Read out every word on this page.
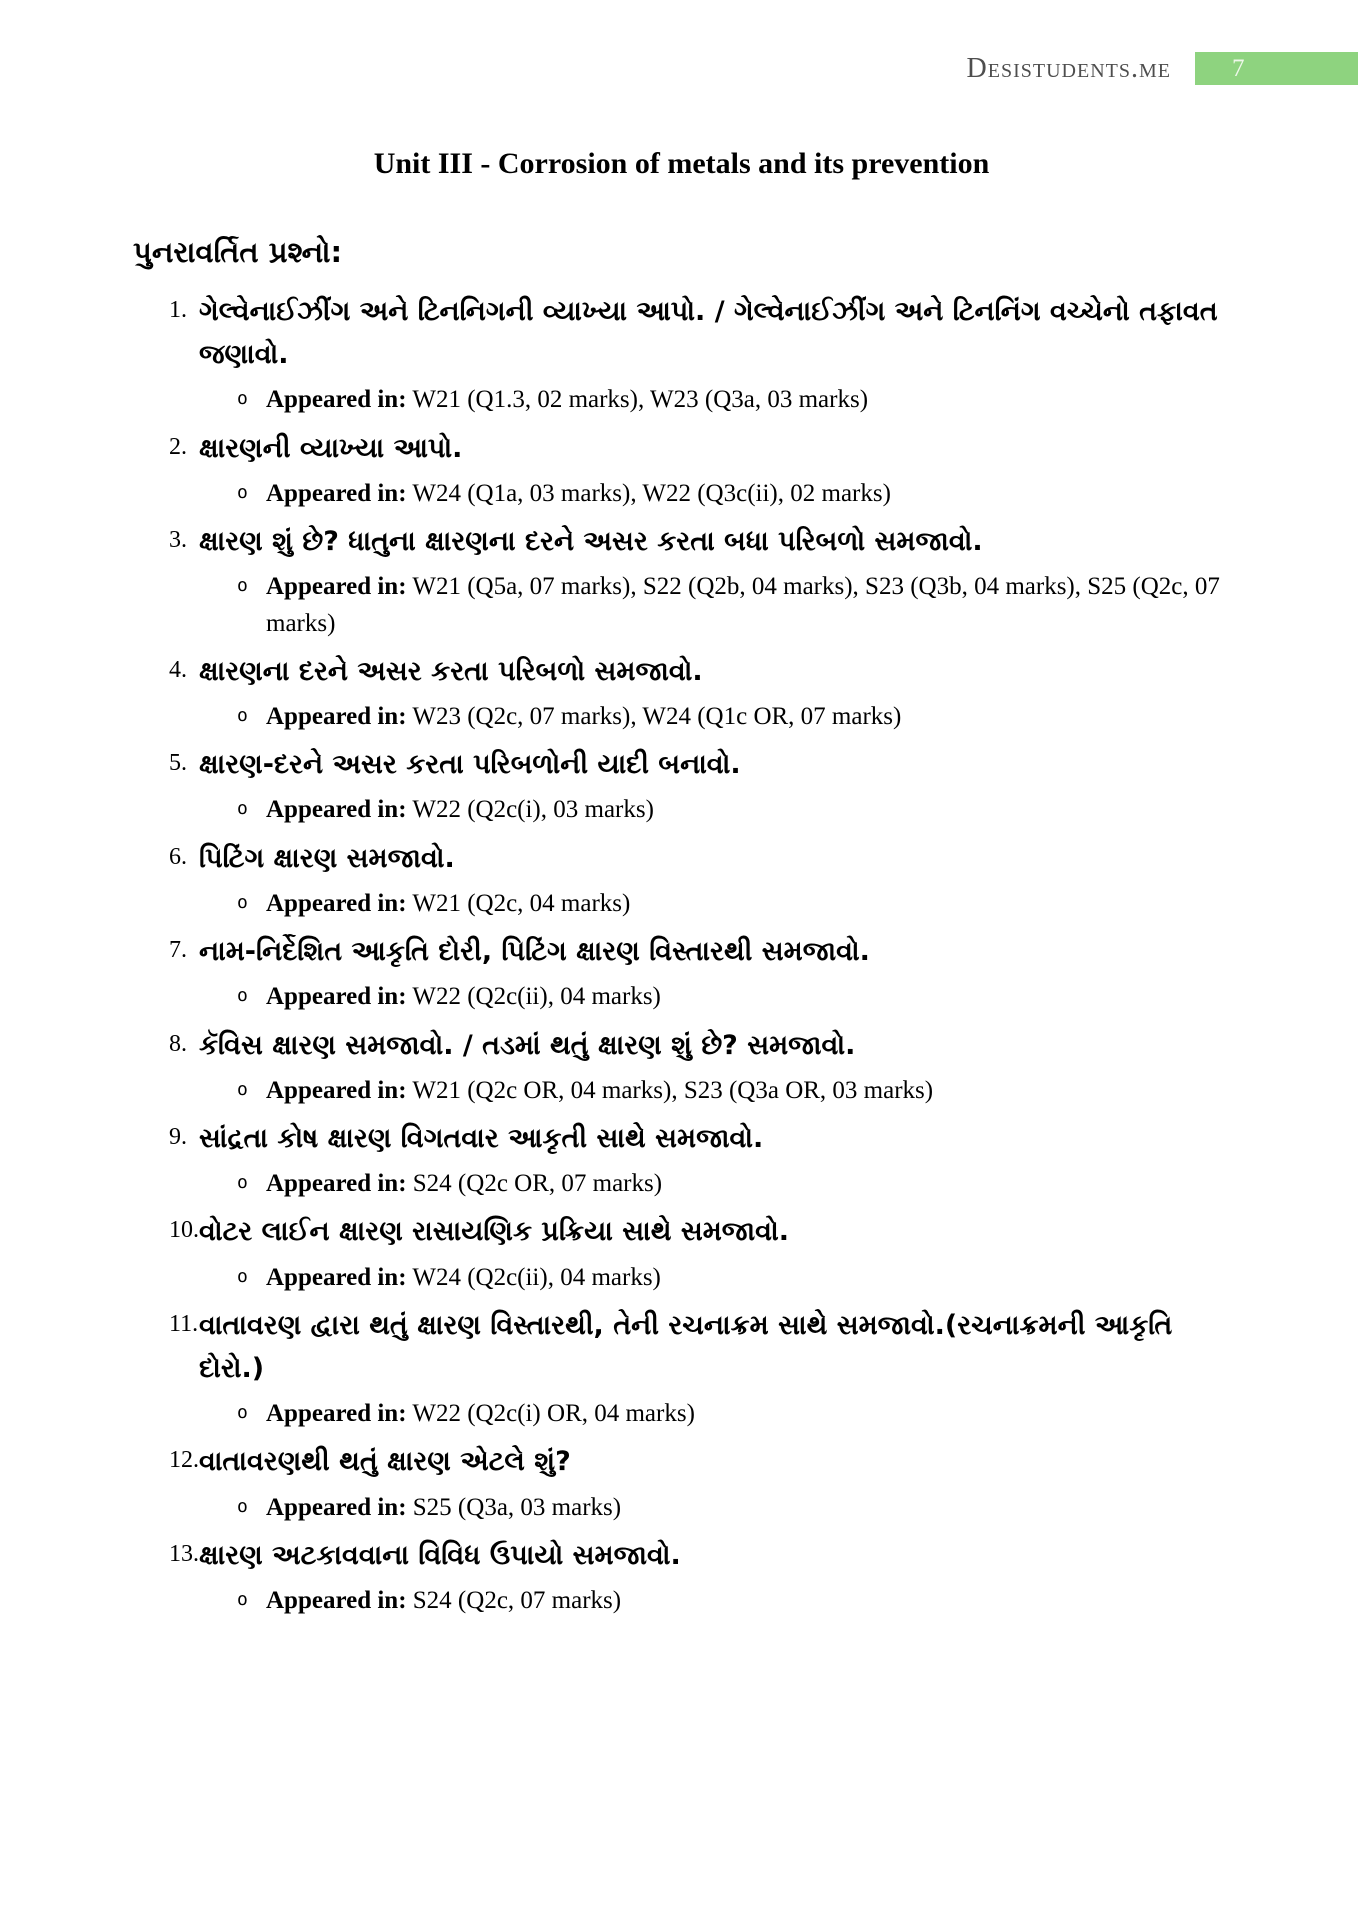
Desistudents.me 7
Unit III - Corrosion of metals and its prevention
પુનરાવર્તિત પ્રશ્નો:
1. ગેલ્વેનાઈઝીંગ અને ટિનનિગની વ્યાખ્યા આપો. / ગેલ્વેનાઈઝીંગ અને ટિનનિંગ વચ્ચેનો તફાવત જણાવો.
o Appeared in: W21 (Q1.3, 02 marks), W23 (Q3a, 03 marks)
2. ક્ષારણની વ્યાખ્યા આપો.
o Appeared in: W24 (Q1a, 03 marks), W22 (Q3c(ii), 02 marks)
3. ક્ષારણ શું છે? ધાતુના ક્ષારણના દરને અસર કરતા બધા પરિબળો સમજાવો.
o Appeared in: W21 (Q5a, 07 marks), S22 (Q2b, 04 marks), S23 (Q3b, 04 marks), S25 (Q2c, 07 marks)
4. ક્ષારણના દરને અસર કરતા પરિબળો સમજાવો.
o Appeared in: W23 (Q2c, 07 marks), W24 (Q1c OR, 07 marks)
5. ક્ષારણ-દરને અસર કરતા પરિબળોની યાદી બનાવો.
o Appeared in: W22 (Q2c(i), 03 marks)
6. પિટિંગ ક્ષારણ સમજાવો.
o Appeared in: W21 (Q2c, 04 marks)
7. નામ-નિર્દેશિત આકૃતિ દોરી, પિટિંગ ક્ષારણ વિસ્તારથી સમજાવો.
o Appeared in: W22 (Q2c(ii), 04 marks)
8. કૅવિસ ક્ષારણ સમજાવો. / તડમાં થતું ક્ષારણ શું છે? સમજાવો.
o Appeared in: W21 (Q2c OR, 04 marks), S23 (Q3a OR, 03 marks)
9. સાંદ્રતા કોષ ક્ષારણ વિગતવાર આકૃતી સાથે સમજાવો.
o Appeared in: S24 (Q2c OR, 07 marks)
10. વોટર લાઈન ક્ષારણ રાસાયણિક પ્રક્રિયા સાથે સમજાવો.
o Appeared in: W24 (Q2c(ii), 04 marks)
11. વાતાવરણ દ્વારા થતું ક્ષારણ વિસ્તારથી, તેની રચનાક્રમ સાથે સમજાવો.(રચનાક્રમની આકૃતિ દોરો.)
o Appeared in: W22 (Q2c(i) OR, 04 marks)
12. વાતાવરણથી થતું ક્ષારણ એટલે શું?
o Appeared in: S25 (Q3a, 03 marks)
13. ક્ષારણ અટકાવવાના વિવિધ ઉપાયો સમજાવો.
o Appeared in: S24 (Q2c, 07 marks)
